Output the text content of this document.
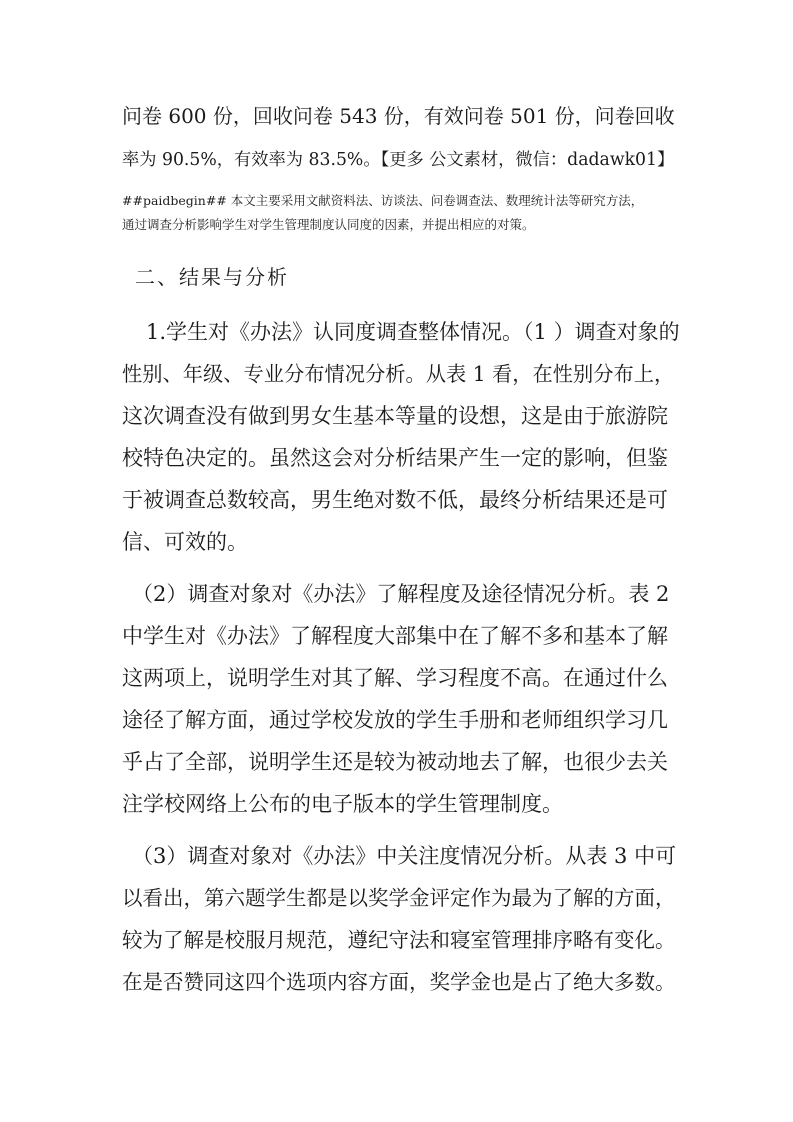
问卷 600 份，回收问卷 543 份，有效问卷 501 份，问卷回收
率为 90.5%，有效率为 83.5%。【更多 公文素材，微信：dadawk01】
##paidbegin## 本文主要采用文献资料法、访谈法、问卷调查法、数理统计法等研究方法，
通过调查分析影响学生对学生管理制度认同度的因素，并提出相应的对策。
二、结果与分析
1.学生对《办法》认同度调查整体情况。（1 ）调查对象的
性别、年级、专业分布情况分析。从表 1 看，在性别分布上，
这次调查没有做到男女生基本等量的设想，这是由于旅游院
校特色决定的。虽然这会对分析结果产生一定的影响，但鉴
于被调查总数较高，男生绝对数不低，最终分析结果还是可
信、可效的。
（2）调查对象对《办法》了解程度及途径情况分析。表 2
中学生对《办法》了解程度大部集中在了解不多和基本了解
这两项上，说明学生对其了解、学习程度不高。在通过什么
途径了解方面，通过学校发放的学生手册和老师组织学习几
乎占了全部，说明学生还是较为被动地去了解，也很少去关
注学校网络上公布的电子版本的学生管理制度。
（3）调查对象对《办法》中关注度情况分析。从表 3 中可
以看出，第六题学生都是以奖学金评定作为最为了解的方面，
较为了解是校服月规范，遵纪守法和寝室管理排序略有变化。
在是否赞同这四个选项内容方面，奖学金也是占了绝大多数。
